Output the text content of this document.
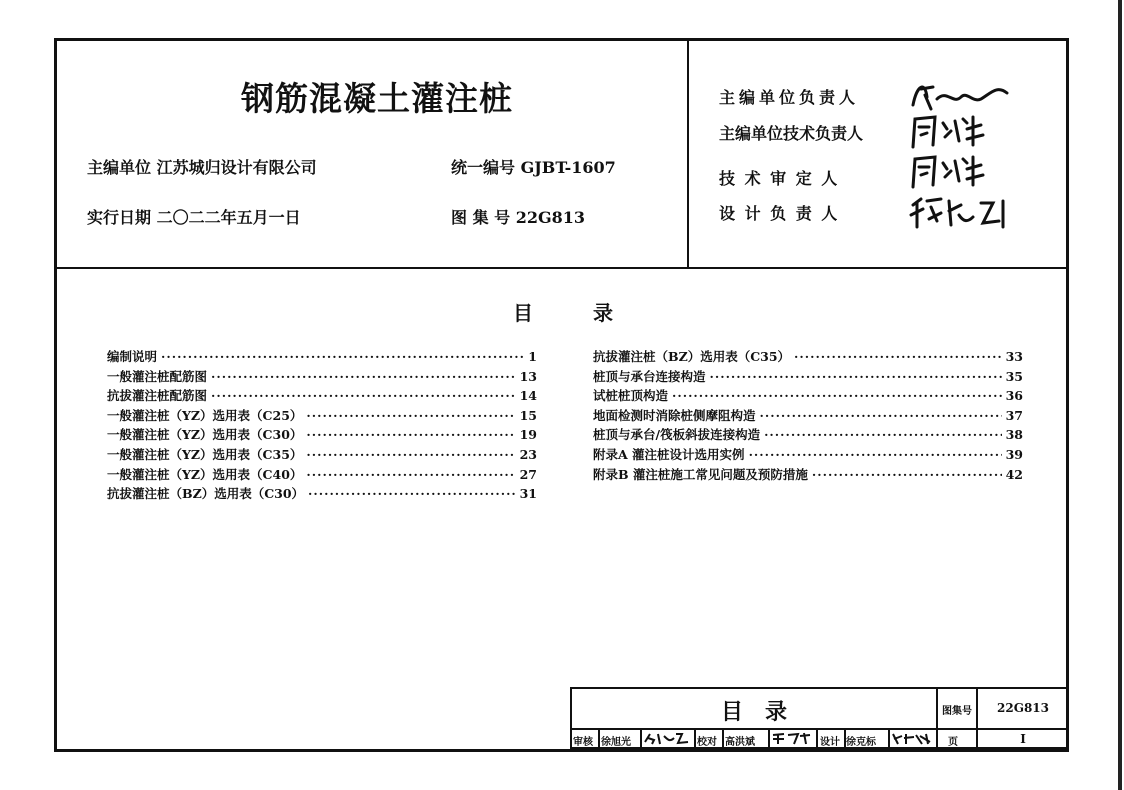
钢筋混凝土灌注桩
主编单位 江苏城归设计有限公司	统一编号 GJBT-1607
实行日期 二〇二二年五月一日	图 集 号 22G813
主编单位负责人
主编单位技术负责人
技 术 审 定 人
设 计 负 责 人
目	录
编制说明 ·····	1
一般灌注桩配筋图 ·····	13
抗拔灌注桩配筋图 ·····	14
一般灌注桩（YZ）选用表（C25） ·····	15
一般灌注桩（YZ）选用表（C30） ·····	19
一般灌注桩（YZ）选用表（C35） ·····	23
一般灌注桩（YZ）选用表（C40） ·····	27
抗拔灌注桩（BZ）选用表（C30） ·····	31
抗拔灌注桩（BZ）选用表（C35） ·····	33
桩顶与承台连接构造 ·····	35
试桩桩顶构造 ·····	36
地面检测时消除桩侧摩阻构造 ·····	37
桩顶与承台/筏板斜拔连接构造 ·····	38
附录A 灌注桩设计选用实例 ·····	39
附录B 灌注桩施工常见问题及预防措施 ·····	42
目　录	图集号	22G813
审核 徐旭光	校对 高洪斌	设计 徐克标	页	I
